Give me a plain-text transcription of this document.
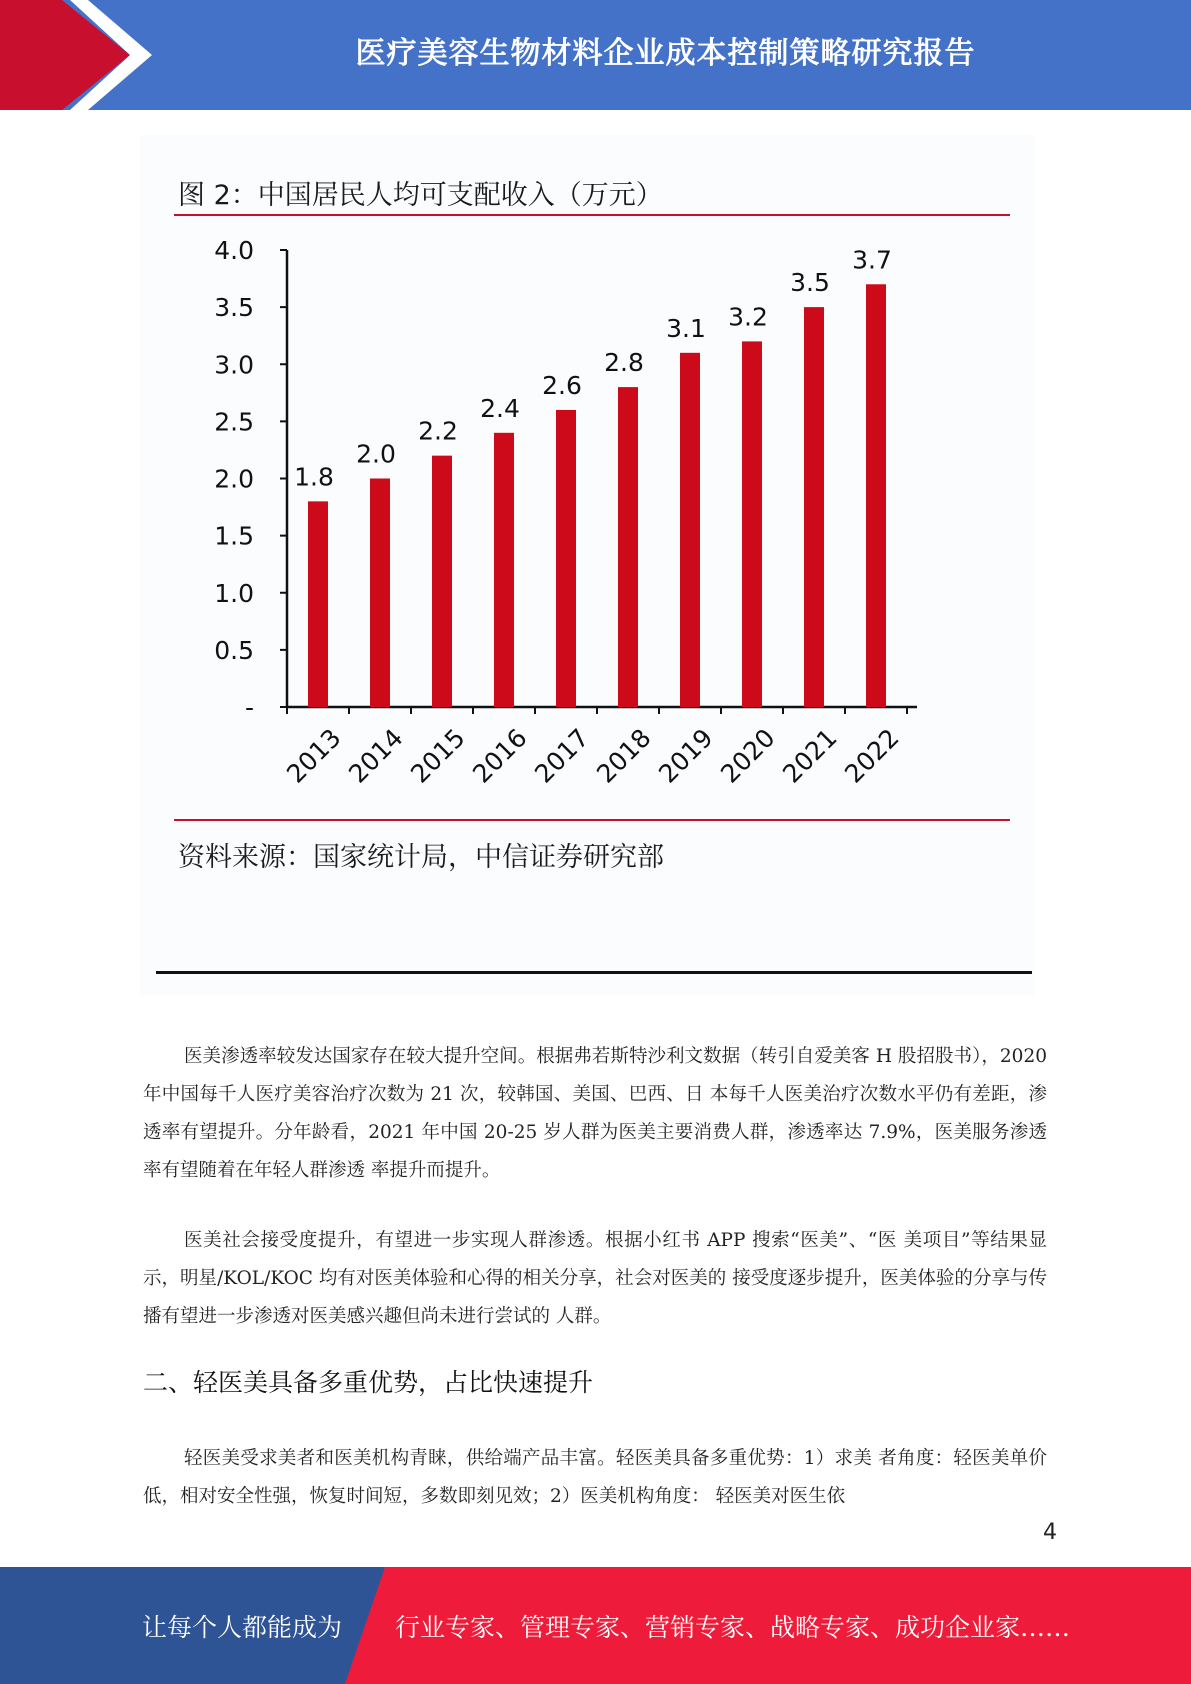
医疗美容生物材料企业成本控制策略研究报告
图 2：中国居民人均可支配收入（万元）
-
0.5
1.0
1.5
2.0
2.5
3.0
3.5
4.0
1.8
2013
2.0
2014
2.2
2015
2.4
2016
2.6
2017
2.8
2018
3.1
2019
3.2
2020
3.5
2021
3.7
2022
资料来源：国家统计局，中信证券研究部

医美渗透率较发达国家存在较大提升空间。根据弗若斯特沙利文数据（转引自爱美客 H 股招股书），2020 年中国每千人医疗美容治疗次数为 21 次，较韩国、美国、巴西、日 本每千人医美治疗次数水平仍有差距，渗透率有望提升。分年龄看，2021 年中国 20-25 岁人群为医美主要消费人群，渗透率达 7.9%，医美服务渗透率有望随着在年轻人群渗透 率提升而提升。

医美社会接受度提升，有望进一步实现人群渗透。根据小红书 APP 搜索“医美”、“医 美项目”等结果显示，明星/KOL/KOC 均有对医美体验和心得的相关分享，社会对医美的 接受度逐步提升，医美体验的分享与传播有望进一步渗透对医美感兴趣但尚未进行尝试的 人群。

二、轻医美具备多重优势，占比快速提升

轻医美受求美者和医美机构青睐，供给端产品丰富。轻医美具备多重优势：1）求美 者角度：轻医美单价低，相对安全性强，恢复时间短，多数即刻见效；2）医美机构角度： 轻医美对医生依

4
让每个人都能成为 行业专家、管理专家、营销专家、战略专家、成功企业家……
